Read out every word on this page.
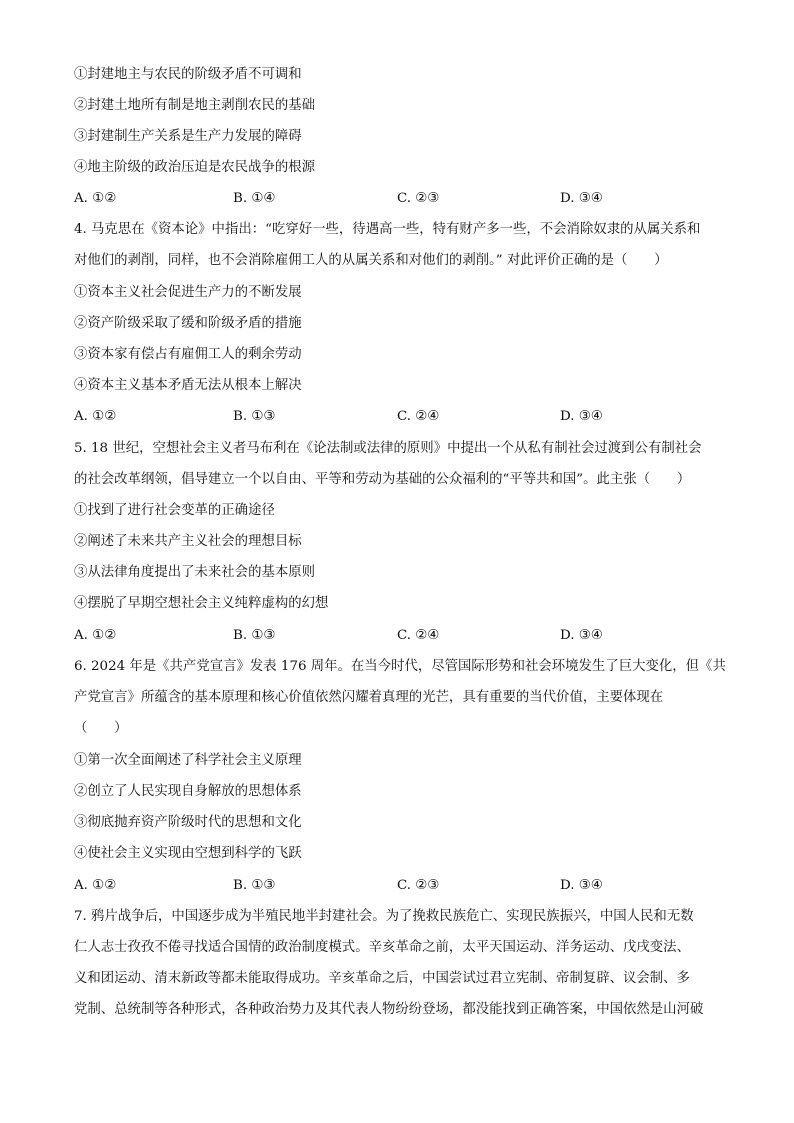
①封建地主与农民的阶级矛盾不可调和
②封建土地所有制是地主剥削农民的基础
③封建制生产关系是生产力发展的障碍
④地主阶级的政治压迫是农民战争的根源
A. ①②	B. ①④	C. ②③	D. ③④
4. 马克思在《资本论》中指出：“吃穿好一些，待遇高一些，特有财产多一些，不会消除奴隶的从属关系和
对他们的剥削，同样，也不会消除雇佣工人的从属关系和对他们的剥削。” 对此评价正确的是（　　）
①资本主义社会促进生产力的不断发展
②资产阶级采取了缓和阶级矛盾的措施
③资本家有偿占有雇佣工人的剩余劳动
④资本主义基本矛盾无法从根本上解决
A. ①②	B. ①③	C. ②④	D. ③④
5. 18 世纪，空想社会主义者马布利在《论法制或法律的原则》中提出一个从私有制社会过渡到公有制社会
的社会改革纲领，倡导建立一个以自由、平等和劳动为基础的公众福利的“平等共和国”。此主张（　　）
①找到了进行社会变革的正确途径
②阐述了未来共产主义社会的理想目标
③从法律角度提出了未来社会的基本原则
④摆脱了早期空想社会主义纯粹虚构的幻想
A. ①②	B. ①③	C. ②④	D. ③④
6. 2024 年是《共产党宣言》发表 176 周年。在当今时代，尽管国际形势和社会环境发生了巨大变化，但《共
产党宣言》所蕴含的基本原理和核心价值依然闪耀着真理的光芒，具有重要的当代价值，主要体现在
（　　）
①第一次全面阐述了科学社会主义原理
②创立了人民实现自身解放的思想体系
③彻底抛弃资产阶级时代的思想和文化
④使社会主义实现由空想到科学的飞跃
A. ①②	B. ①③	C. ②③	D. ③④
7. 鸦片战争后，中国逐步成为半殖民地半封建社会。为了挽救民族危亡、实现民族振兴，中国人民和无数
仁人志士孜孜不倦寻找适合国情的政治制度模式。辛亥革命之前，太平天国运动、洋务运动、戊戌变法、
义和团运动、清末新政等都未能取得成功。辛亥革命之后，中国尝试过君立宪制、帝制复辟、议会制、多
党制、总统制等各种形式，各种政治势力及其代表人物纷纷登场，都没能找到正确答案，中国依然是山河破
